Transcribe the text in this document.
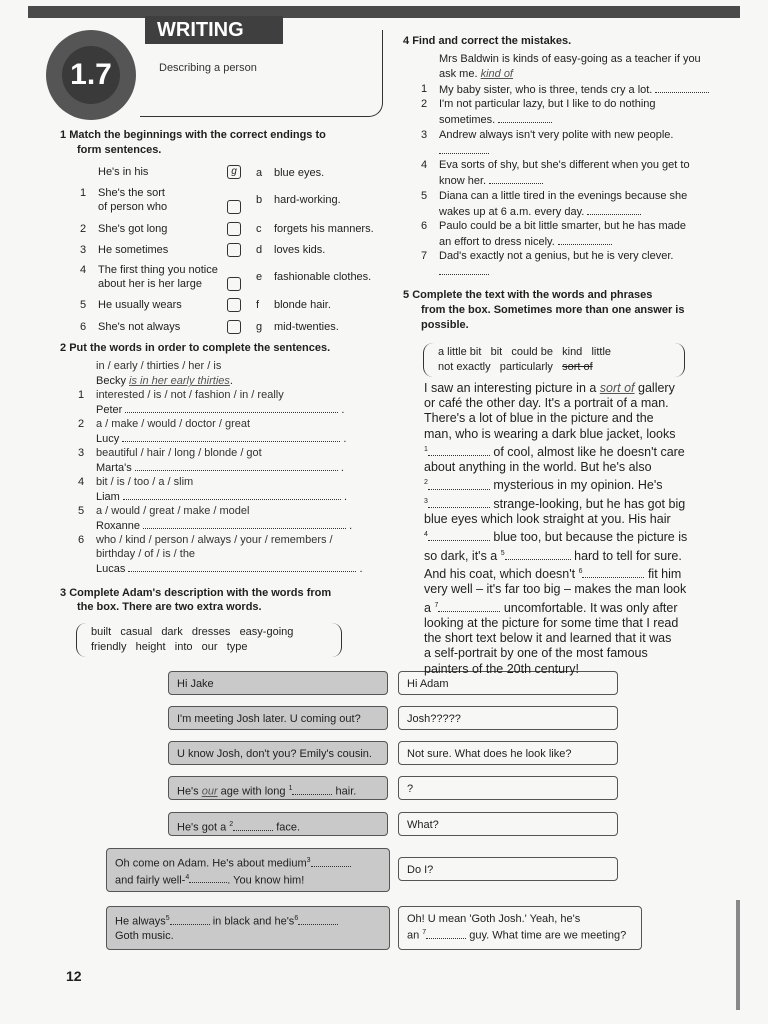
1.7
WRITING
Describing a person
1 Match the beginnings with the correct endings to
form sentences.
He's in his	g	a blue eyes.
1 She's the sort
of person who
b hard-working.
2 She's got long	c forgets his manners.
3 He sometimes	d loves kids.
4 The first thing you notice
about her is her large
e fashionable clothes.
5 He usually wears	f blonde hair.
6 She's not always	g mid-twenties.
2 Put the words in order to complete the sentences.
in / early / thirties / her / is
Becky is in her early thirties.
1 interested / is / not / fashion / in / really
Peter	.
2 a / make / would / doctor / great
Lucy	.
3 beautiful / hair / long / blonde / got
Marta's	.
4 bit / is / too / a / slim
Liam	.
5 a / would / great / make / model
Roxanne	.
6 who / kind / person / always / your / remembers /
birthday / of / is / the
Lucas	.
3 Complete Adam's description with the words from
the box. There are two extra words.
built   casual   dark   dresses   easy-going
friendly   height   into   our   type
Hi Jake
I'm meeting Josh later. U coming out?
U know Josh, don't you? Emily's cousin.
He's our age with long $^1$	hair.
He's got a $^2$	face.
Oh come on Adam. He's about medium$^3$
and fairly well-$^4$	. You know him!
He always$^5$	in black and $he's^6$
Goth music.
Hi Adam
Josh?????
Not sure. What does he look like?
?
What?
Do I?
Oh! U mean 'Goth Josh.' Yeah, he's
an $^7$	guy. What time are we meeting?
4 Find and correct the mistakes.
Mrs Baldwin is kinds of easy-going as a teacher if you
ask me. kind of
1 My baby sister, who is three, tends cry a lot.
2 I'm not particular lazy, but I like to do nothing
sometimes.
3 Andrew always isn't very polite with new people.
4 Eva sorts of shy, but she's different when you get to
know her.
5 Diana can a little tired in the evenings because she
wakes up at 6 a.m. every day.
6 Paulo could be a bit little smarter, but he has made
an effort to dress nicely.
7 Dad's exactly not a genius, but he is very clever.
5 Complete the text with the words and phrases
from the box. Sometimes more than one answer is
possible.
a little bit   bit   could be   kind   little
not exactly   particularly   sort of
I saw an interesting picture in a sort of gallery
or café the other day. It's a portrait of a man.
There's a lot of blue in the picture and the
man, who is wearing a dark blue jacket, looks
$^1$	of cool, almost like he doesn't care
about anything in the world. But he's also
$^2$	mysterious in my opinion. He's
$^3$	strange-looking, but he has got big
blue eyes which look straight at you. His hair
$^4$	blue too, but because the picture is
so dark, it's a $^5$	hard to tell for sure.
And his coat, which doesn't $^6$	fit him
very well – it's far too big – makes the man look
a $^7$	uncomfortable. It was only after
looking at the picture for some time that I read
the short text below it and learned that it was
a self-portrait by one of the most famous
painters of the 20th century!
12
